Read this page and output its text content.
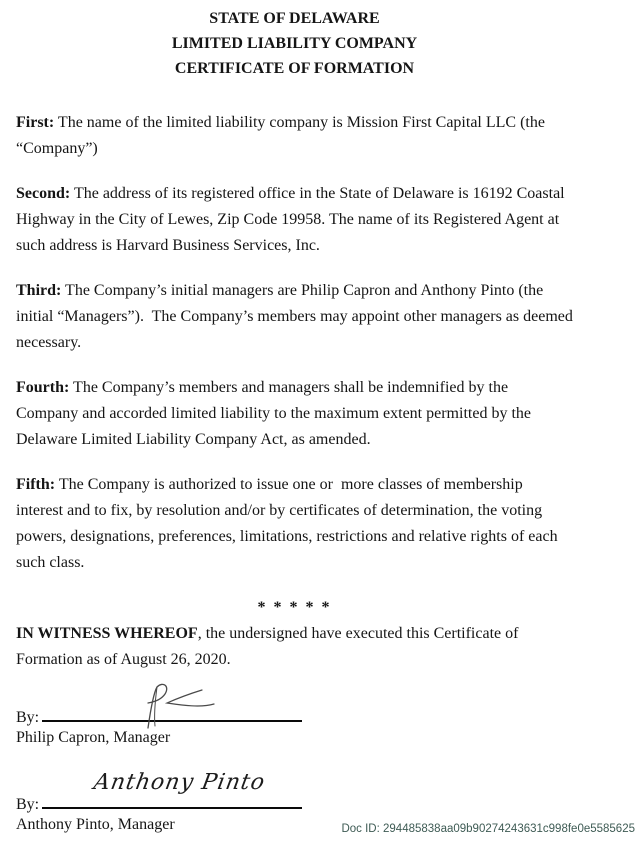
STATE OF DELAWARE
LIMITED LIABILITY COMPANY
CERTIFICATE OF FORMATION

First: The name of the limited liability company is Mission First Capital LLC (the “Company”)

Second: The address of its registered office in the State of Delaware is 16192 Coastal Highway in the City of Lewes, Zip Code 19958. The name of its Registered Agent at such address is Harvard Business Services, Inc.

Third: The Company’s initial managers are Philip Capron and Anthony Pinto (the initial “Managers”).  The Company’s members may appoint other managers as deemed necessary.

Fourth: The Company’s members and managers shall be indemnified by the Company and accorded limited liability to the maximum extent permitted by the Delaware Limited Liability Company Act, as amended.

Fifth: The Company is authorized to issue one or  more classes of membership interest and to fix, by resolution and/or by certificates of determination, the voting powers, designations, preferences, limitations, restrictions and relative rights of each such class.

* * * * *

IN WITNESS WHEREOF, the undersigned have executed this Certificate of Formation as of August 26, 2020.

By:
Philip Capron, Manager
Anthony Pinto
By:
Anthony Pinto, Manager	Doc ID: 294485838aa09b90274243631c998fe0e5585625
